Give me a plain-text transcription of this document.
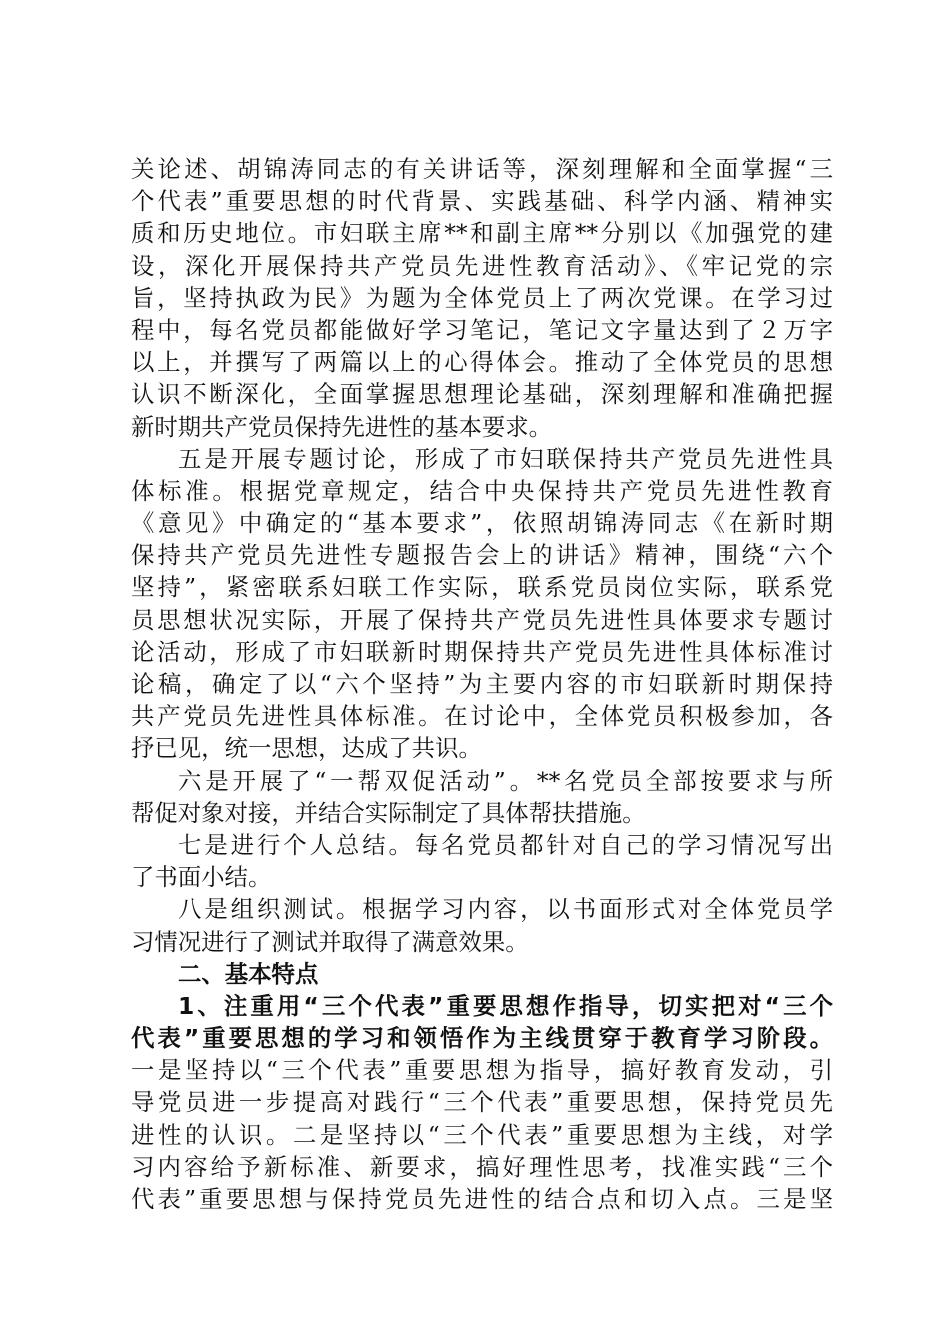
关论述、胡锦涛同志的有关讲话等，深刻理解和全面掌握“三
个代表”重要思想的时代背景、实践基础、科学内涵、精神实
质和历史地位。市妇联主席**和副主席**分别以《加强党的建
设，深化开展保持共产党员先进性教育活动》、《牢记党的宗
旨，坚持执政为民》为题为全体党员上了两次党课。在学习过
程中，每名党员都能做好学习笔记，笔记文字量达到了２万字
以上，并撰写了两篇以上的心得体会。推动了全体党员的思想
认识不断深化，全面掌握思想理论基础，深刻理解和准确把握
新时期共产党员保持先进性的基本要求。
五是开展专题讨论，形成了市妇联保持共产党员先进性具
体标准。根据党章规定，结合中央保持共产党员先进性教育
《意见》中确定的“基本要求”，依照胡锦涛同志《在新时期
保持共产党员先进性专题报告会上的讲话》精神，围绕“六个
坚持”，紧密联系妇联工作实际，联系党员岗位实际，联系党
员思想状况实际，开展了保持共产党员先进性具体要求专题讨
论活动，形成了市妇联新时期保持共产党员先进性具体标准讨
论稿，确定了以“六个坚持”为主要内容的市妇联新时期保持
共产党员先进性具体标准。在讨论中，全体党员积极参加，各
抒已见，统一思想，达成了共识。
六是开展了“一帮双促活动”。**名党员全部按要求与所
帮促对象对接，并结合实际制定了具体帮扶措施。
七是进行个人总结。每名党员都针对自己的学习情况写出
了书面小结。
八是组织测试。根据学习内容，以书面形式对全体党员学
习情况进行了测试并取得了满意效果。
二、基本特点
1、注重用“三个代表”重要思想作指导，切实把对“三个
代表”重要思想的学习和领悟作为主线贯穿于教育学习阶段。
一是坚持以“三个代表”重要思想为指导，搞好教育发动，引
导党员进一步提高对践行“三个代表”重要思想，保持党员先
进性的认识。二是坚持以“三个代表”重要思想为主线，对学
习内容给予新标准、新要求，搞好理性思考，找准实践“三个
代表”重要思想与保持党员先进性的结合点和切入点。三是坚
